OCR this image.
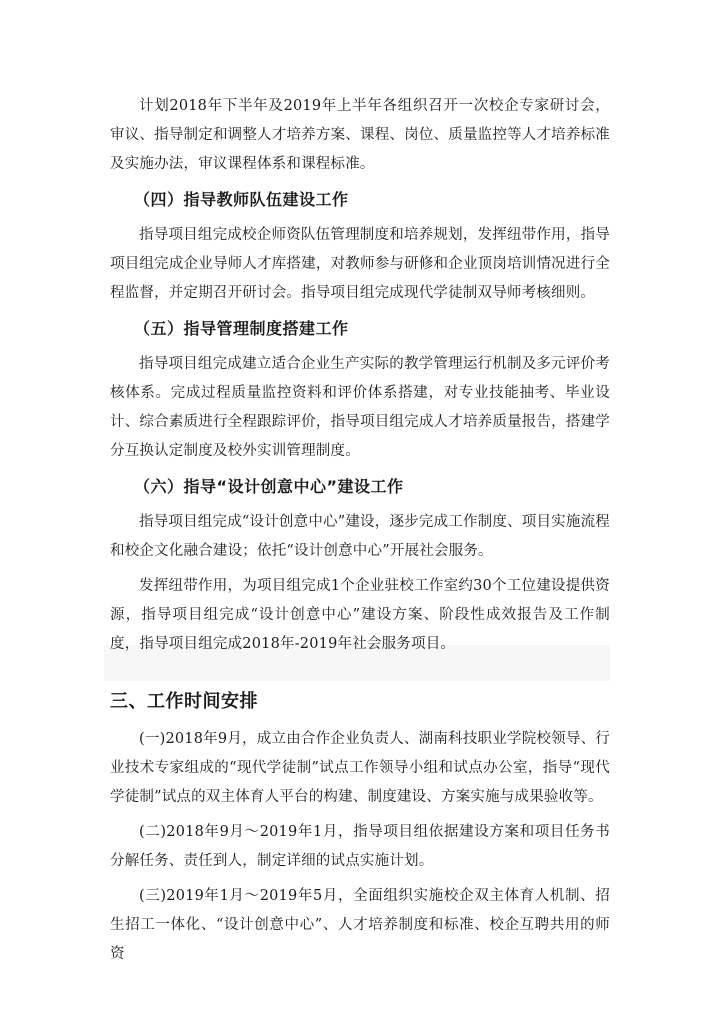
计划2018年下半年及2019年上半年各组织召开一次校企专家研讨会，审议、指导制定和调整人才培养方案、课程、岗位、质量监控等人才培养标准及实施办法，审议课程体系和课程标准。

（四）指导教师队伍建设工作

指导项目组完成校企师资队伍管理制度和培养规划，发挥纽带作用，指导项目组完成企业导师人才库搭建，对教师参与研修和企业顶岗培训情况进行全程监督，并定期召开研讨会。指导项目组完成现代学徒制双导师考核细则。

（五）指导管理制度搭建工作

指导项目组完成建立适合企业生产实际的教学管理运行机制及多元评价考核体系。完成过程质量监控资料和评价体系搭建，对专业技能抽考、毕业设计、综合素质进行全程跟踪评价，指导项目组完成人才培养质量报告，搭建学分互换认定制度及校外实训管理制度。

（六）指导“设计创意中心”建设工作

指导项目组完成“设计创意中心”建设，逐步完成工作制度、项目实施流程和校企文化融合建设；依托“设计创意中心”开展社会服务。

发挥纽带作用，为项目组完成1个企业驻校工作室约30个工位建设提供资源，指导项目组完成“设计创意中心”建设方案、阶段性成效报告及工作制度，指导项目组完成2018年-2019年社会服务项目。

三、工作时间安排

(一)2018年9月，成立由合作企业负责人、湖南科技职业学院校领导、行业技术专家组成的“现代学徒制”试点工作领导小组和试点办公室，指导“现代学徒制”试点的双主体育人平台的构建、制度建设、方案实施与成果验收等。

(二)2018年9月～2019年1月，指导项目组依据建设方案和项目任务书分解任务、责任到人，制定详细的试点实施计划。

(三)2019年1月～2019年5月，全面组织实施校企双主体育人机制、招生招工一体化、“设计创意中心”、人才培养制度和标准、校企互聘共用的师资
